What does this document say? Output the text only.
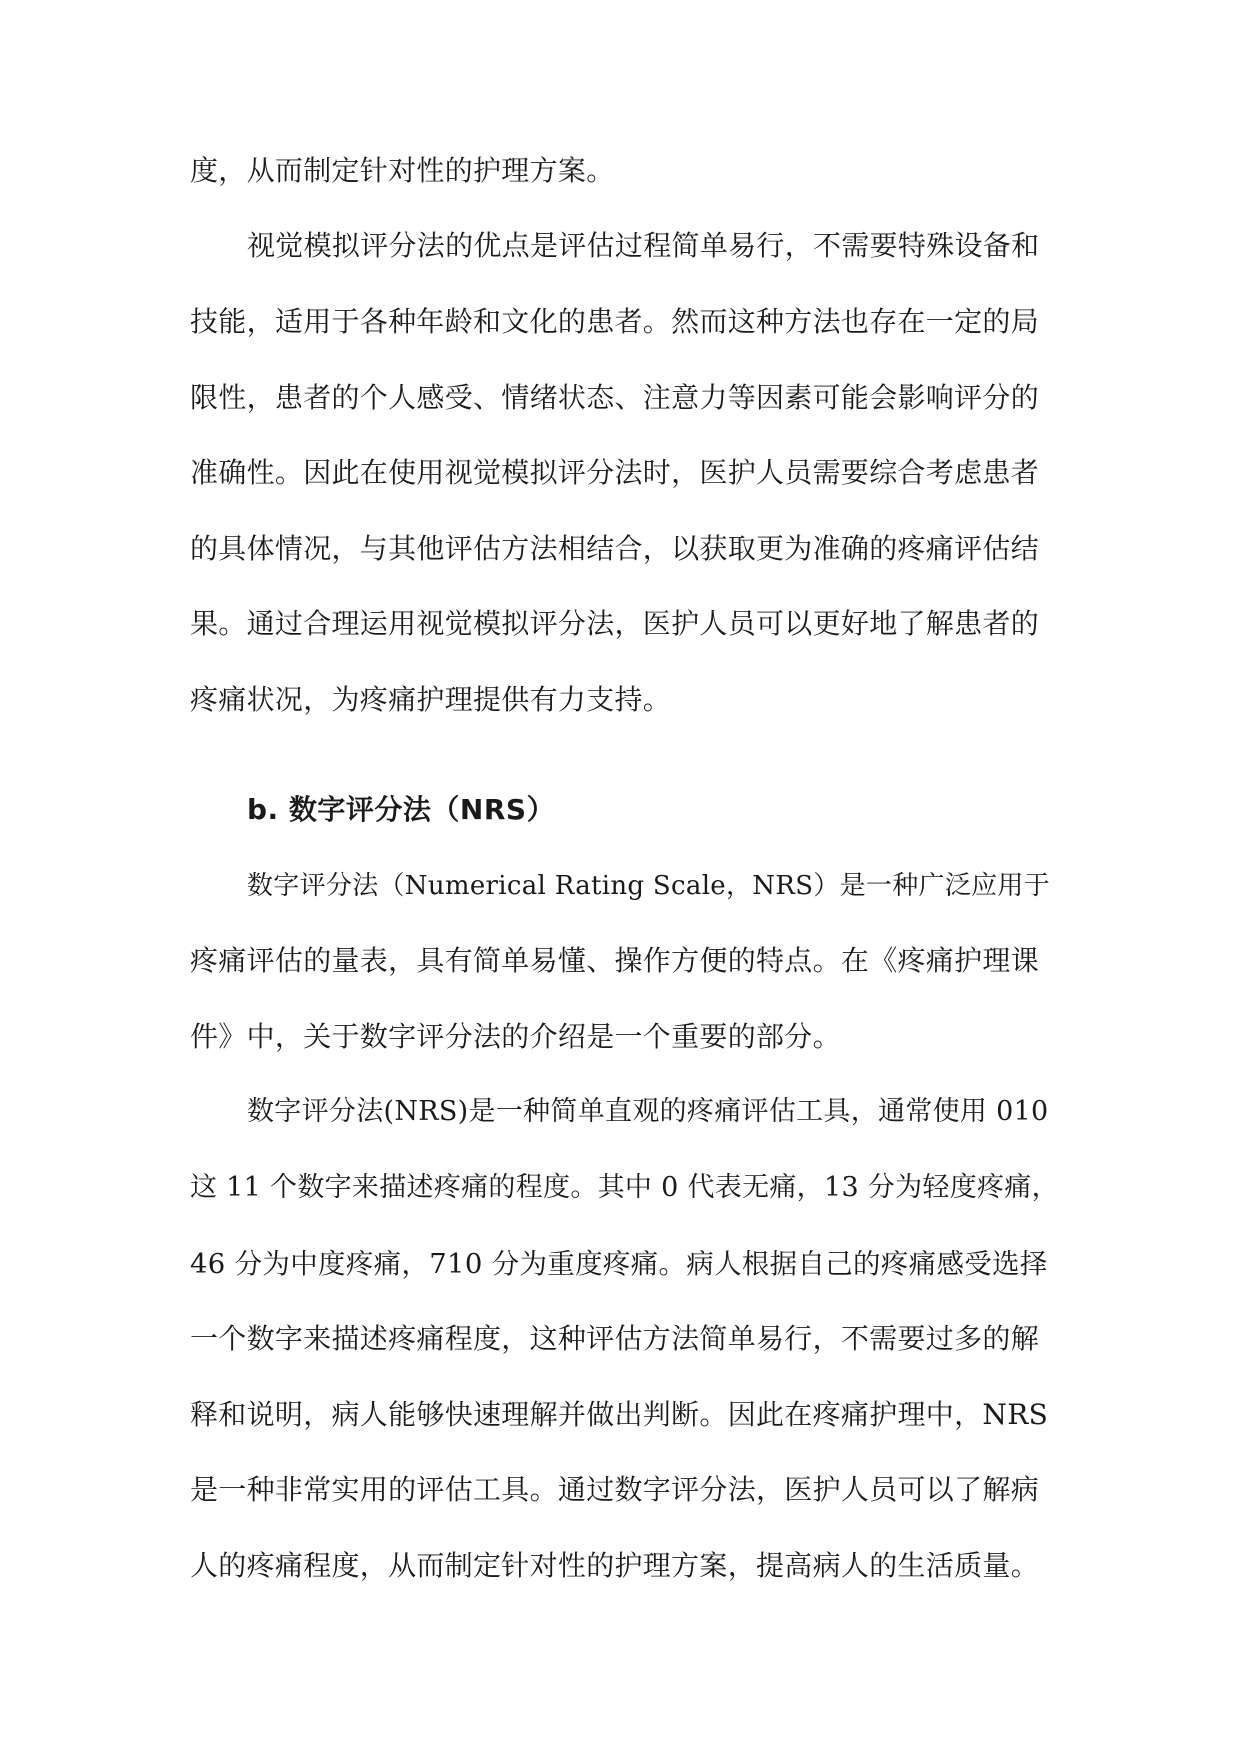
度，从而制定针对性的护理方案。
视觉模拟评分法的优点是评估过程简单易行，不需要特殊设备和
技能，适用于各种年龄和文化的患者。然而这种方法也存在一定的局
限性，患者的个人感受、情绪状态、注意力等因素可能会影响评分的
准确性。因此在使用视觉模拟评分法时，医护人员需要综合考虑患者
的具体情况，与其他评估方法相结合，以获取更为准确的疼痛评估结
果。通过合理运用视觉模拟评分法，医护人员可以更好地了解患者的
疼痛状况，为疼痛护理提供有力支持。
b. 数字评分法（NRS）
数字评分法（Numerical Rating Scale，NRS）是一种广泛应用于
疼痛评估的量表，具有简单易懂、操作方便的特点。在《疼痛护理课
件》中，关于数字评分法的介绍是一个重要的部分。
数字评分法(NRS)是一种简单直观的疼痛评估工具，通常使用 010
这 11 个数字来描述疼痛的程度。其中 0 代表无痛，13 分为轻度疼痛，
46 分为中度疼痛，710 分为重度疼痛。病人根据自己的疼痛感受选择
一个数字来描述疼痛程度，这种评估方法简单易行，不需要过多的解
释和说明，病人能够快速理解并做出判断。因此在疼痛护理中，NRS
是一种非常实用的评估工具。通过数字评分法，医护人员可以了解病
人的疼痛程度，从而制定针对性的护理方案，提高病人的生活质量。
